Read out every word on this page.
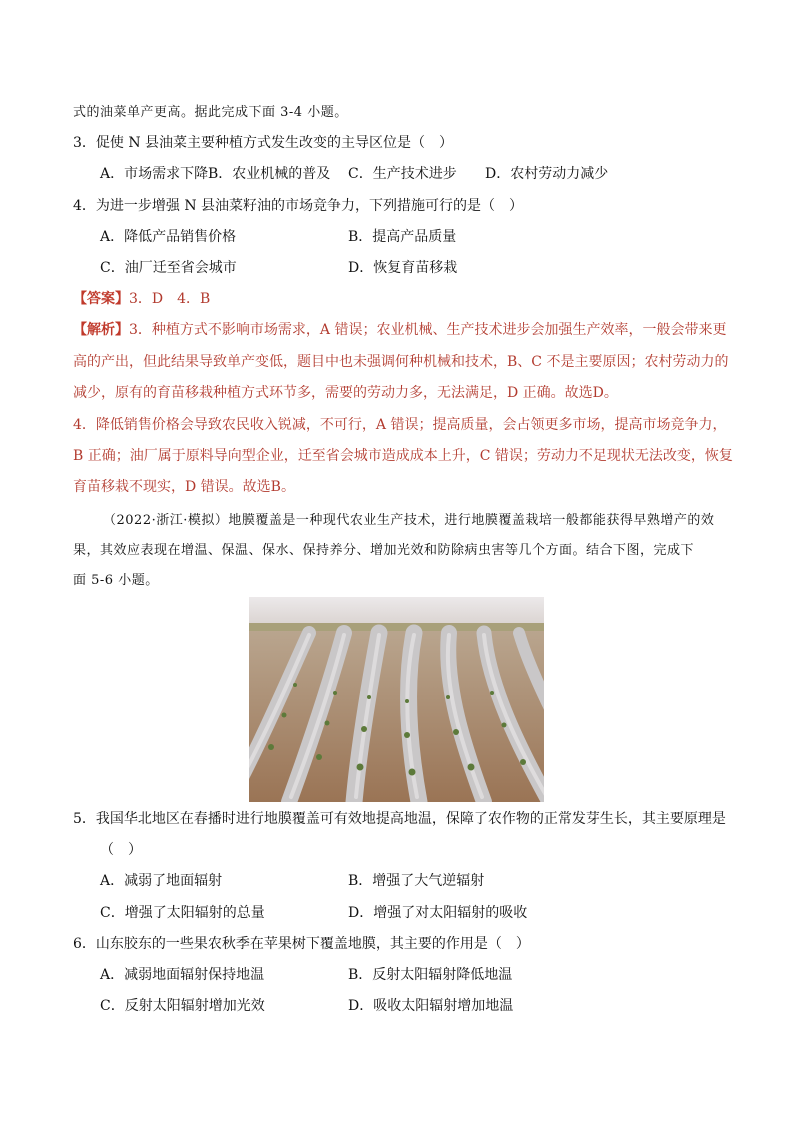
式的油菜单产更高。据此完成下面 3-4 小题。
3．促使 N 县油菜主要种植方式发生改变的主导区位是（　）
A．市场需求下降 B．农业机械的普及 C．生产技术进步 D．农村劳动力减少
4．为进一步增强 N 县油菜籽油的市场竞争力，下列措施可行的是（　）
A．降低产品销售价格	B．提高产品质量
C．油厂迁至省会城市	D．恢复育苗移栽
【答案】3．D　4．B
【解析】3．种植方式不影响市场需求，A 错误；农业机械、生产技术进步会加强生产效率，一般会带来更
高的产出，但此结果导致单产变低，题目中也未强调何种机械和技术，B、C 不是主要原因；农村劳动力的
减少，原有的育苗移栽种植方式环节多，需要的劳动力多，无法满足，D 正确。故选D。
4．降低销售价格会导致农民收入锐减，不可行，A 错误；提高质量，会占领更多市场，提高市场竞争力，
B 正确；油厂属于原料导向型企业，迁至省会城市造成成本上升，C 错误；劳动力不足现状无法改变，恢复
育苗移栽不现实，D 错误。故选B。
（2022·浙江·模拟）地膜覆盖是一种现代农业生产技术，进行地膜覆盖栽培一般都能获得早熟增产的效
果，其效应表现在增温、保温、保水、保持养分、增加光效和防除病虫害等几个方面。结合下图，完成下
面 5-6 小题。
5．我国华北地区在春播时进行地膜覆盖可有效地提高地温，保障了农作物的正常发芽生长，其主要原理是
（　）
A．减弱了地面辐射	B．增强了大气逆辐射
C．增强了太阳辐射的总量	D．增强了对太阳辐射的吸收
6．山东胶东的一些果农秋季在苹果树下覆盖地膜，其主要的作用是（　）
A．减弱地面辐射保持地温	B．反射太阳辐射降低地温
C．反射太阳辐射增加光效	D．吸收太阳辐射增加地温
